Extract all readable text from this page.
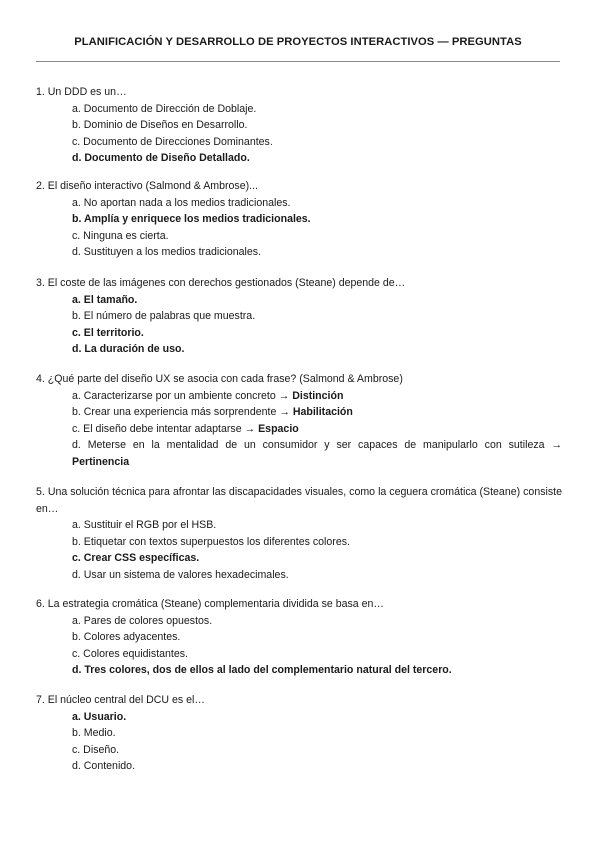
PLANIFICACIÓN Y DESARROLLO DE PROYECTOS INTERACTIVOS — PREGUNTAS
1. Un DDD es un…
a. Documento de Dirección de Doblaje.
b. Dominio de Diseños en Desarrollo.
c. Documento de Direcciones Dominantes.
d. Documento de Diseño Detallado.
2. El diseño interactivo (Salmond & Ambrose)...
a. No aportan nada a los medios tradicionales.
b. Amplía y enriquece los medios tradicionales.
c. Ninguna es cierta.
d. Sustituyen a los medios tradicionales.
3. El coste de las imágenes con derechos gestionados (Steane) depende de…
a. El tamaño.
b. El número de palabras que muestra.
c. El territorio.
d. La duración de uso.
4. ¿Qué parte del diseño UX se asocia con cada frase? (Salmond & Ambrose)
a. Caracterizarse por un ambiente concreto → Distinción
b. Crear una experiencia más sorprendente → Habilitación
c. El diseño debe intentar adaptarse → Espacio
d. Meterse en la mentalidad de un consumidor y ser capaces de manipularlo con sutileza → Pertinencia
5. Una solución técnica para afrontar las discapacidades visuales, como la ceguera cromática (Steane) consiste en…
a. Sustituir el RGB por el HSB.
b. Etiquetar con textos superpuestos los diferentes colores.
c. Crear CSS específicas.
d. Usar un sistema de valores hexadecimales.
6. La estrategia cromática (Steane) complementaria dividida se basa en…
a. Pares de colores opuestos.
b. Colores adyacentes.
c. Colores equidistantes.
d. Tres colores, dos de ellos al lado del complementario natural del tercero.
7. El núcleo central del DCU es el…
a. Usuario.
b. Medio.
c. Diseño.
d. Contenido.
